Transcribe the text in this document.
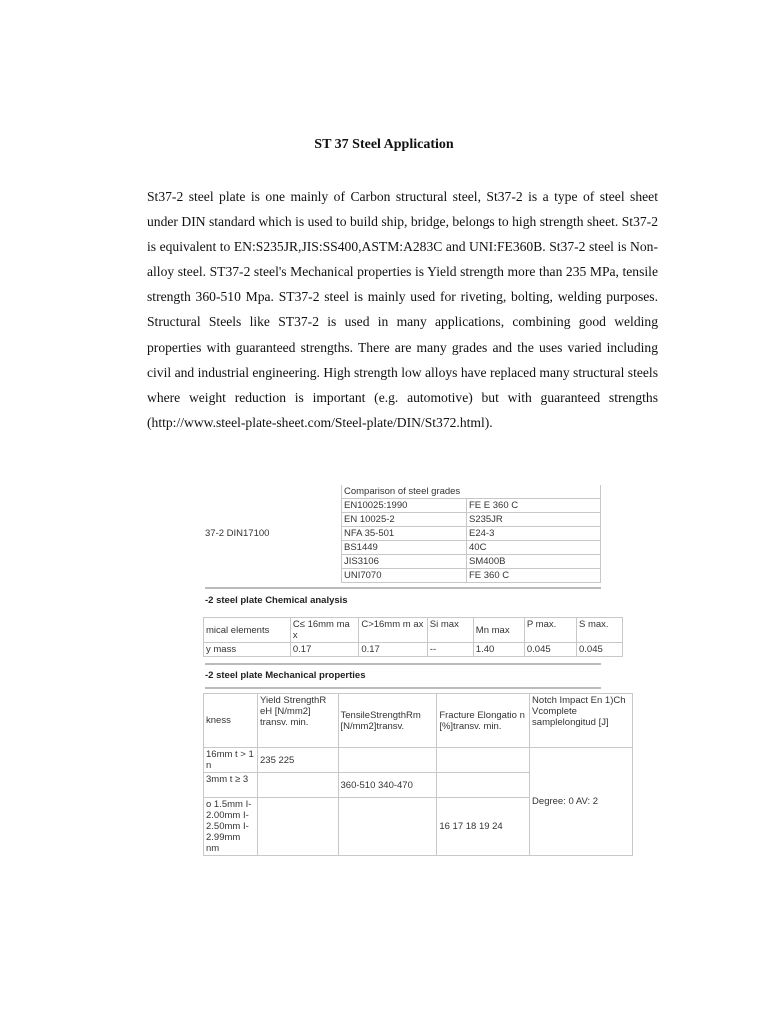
ST 37 Steel Application

St37-2 steel plate is one mainly of Carbon structural steel, St37-2 is a type of steel sheet under DIN standard which is used to build ship, bridge, belongs to high strength sheet. St37-2 is equivalent to EN:S235JR,JIS:SS400,ASTM:A283C and UNI:FE360B. St37-2 steel is Non-alloy steel. ST37-2 steel's Mechanical properties is Yield strength more than 235 MPa, tensile strength 360-510 Mpa. ST37-2 steel is mainly used for riveting, bolting, welding purposes. Structural Steels like ST37-2 is used in many applications, combining good welding properties with guaranteed strengths. There are many grades and the uses varied including civil and industrial engineering. High strength low alloys have replaced many structural steels where weight reduction is important (e.g. automotive) but with guaranteed strengths (http://www.steel-plate-sheet.com/Steel-plate/DIN/St372.html).

37-2 DIN17100
Comparison of steel grades	
EN10025:1990	FE E 360 C
EN 10025-2	S235JR
NFA 35-501	E24-3
BS1449	40C
JIS3106	SM400B
UNI7070	FE 360 C
-2 steel plate Chemical analysis
mical elements	C≤ 16mm ma x	C>16mm m ax	Si max	Mn max	P max.	S max.
y mass	0.17	0.17	--	1.40	0.045	0.045
-2 steel plate Mechanical properties
kness	Yield StrengthR eH [N/mm2] transv. min.	TensileStrengthRm [N/mm2]transv.	Fracture Elongatio n [%]transv. min.	Notch Impact En 1)Ch Vcomplete samplelongitud [J]
16mm t > 1 n	235 225			Degree: 0 AV: 2
3mm t ≥ 3		360-510 340-470		
o 1.5mm I-2.00mm I-2.50mm I-2.99mm nm			16 17 18 19 24	
